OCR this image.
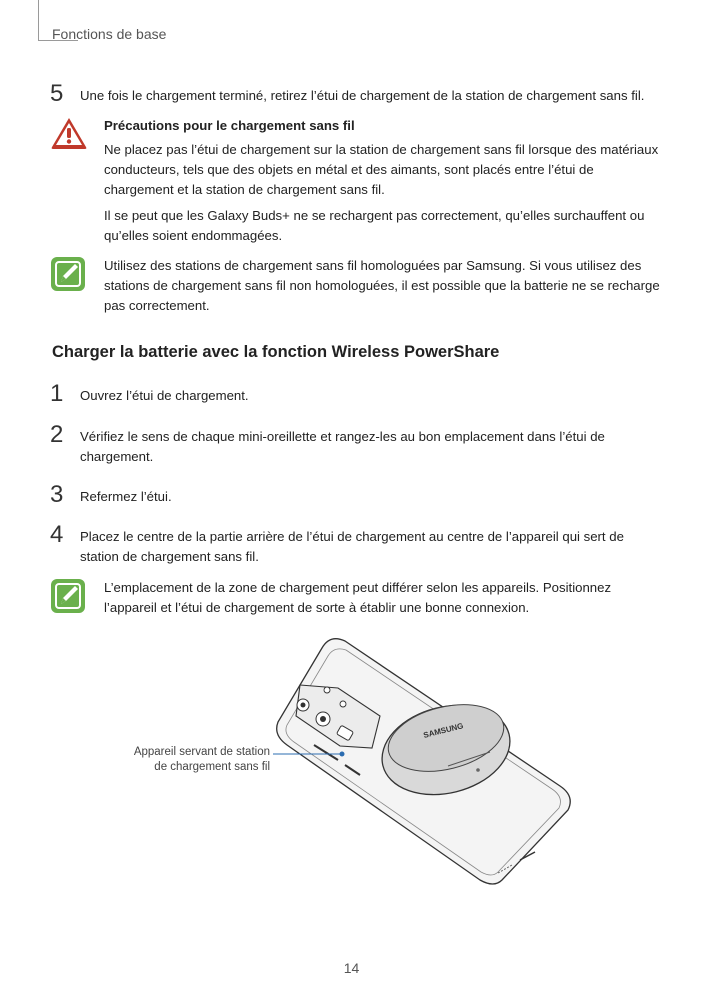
Fonctions de base
5 Une fois le chargement terminé, retirez l’étui de chargement de la station de chargement sans fil.

Précautions pour le chargement sans fil

Ne placez pas l’étui de chargement sur la station de chargement sans fil lorsque des matériaux conducteurs, tels que des objets en métal et des aimants, sont placés entre l’étui de chargement et la station de chargement sans fil.

Il se peut que les Galaxy Buds+ ne se rechargent pas correctement, qu’elles surchauffent ou qu’elles soient endommagées.

Utilisez des stations de chargement sans fil homologuées par Samsung. Si vous utilisez des stations de chargement sans fil non homologuées, il est possible que la batterie ne se recharge pas correctement.

Charger la batterie avec la fonction Wireless PowerShare
1 Ouvrez l’étui de chargement.
2 Vérifiez le sens de chaque mini-oreillette et rangez-les au bon emplacement dans l’étui de chargement.
3 Refermez l’étui.
4 Placez le centre de la partie arrière de l’étui de chargement au centre de l’appareil qui sert de station de chargement sans fil.

L’emplacement de la zone de chargement peut différer selon les appareils. Positionnez l’appareil et l’étui de chargement de sorte à établir une bonne connexion.

SAMSUNG
Appareil servant de station
de chargement sans fil
14
